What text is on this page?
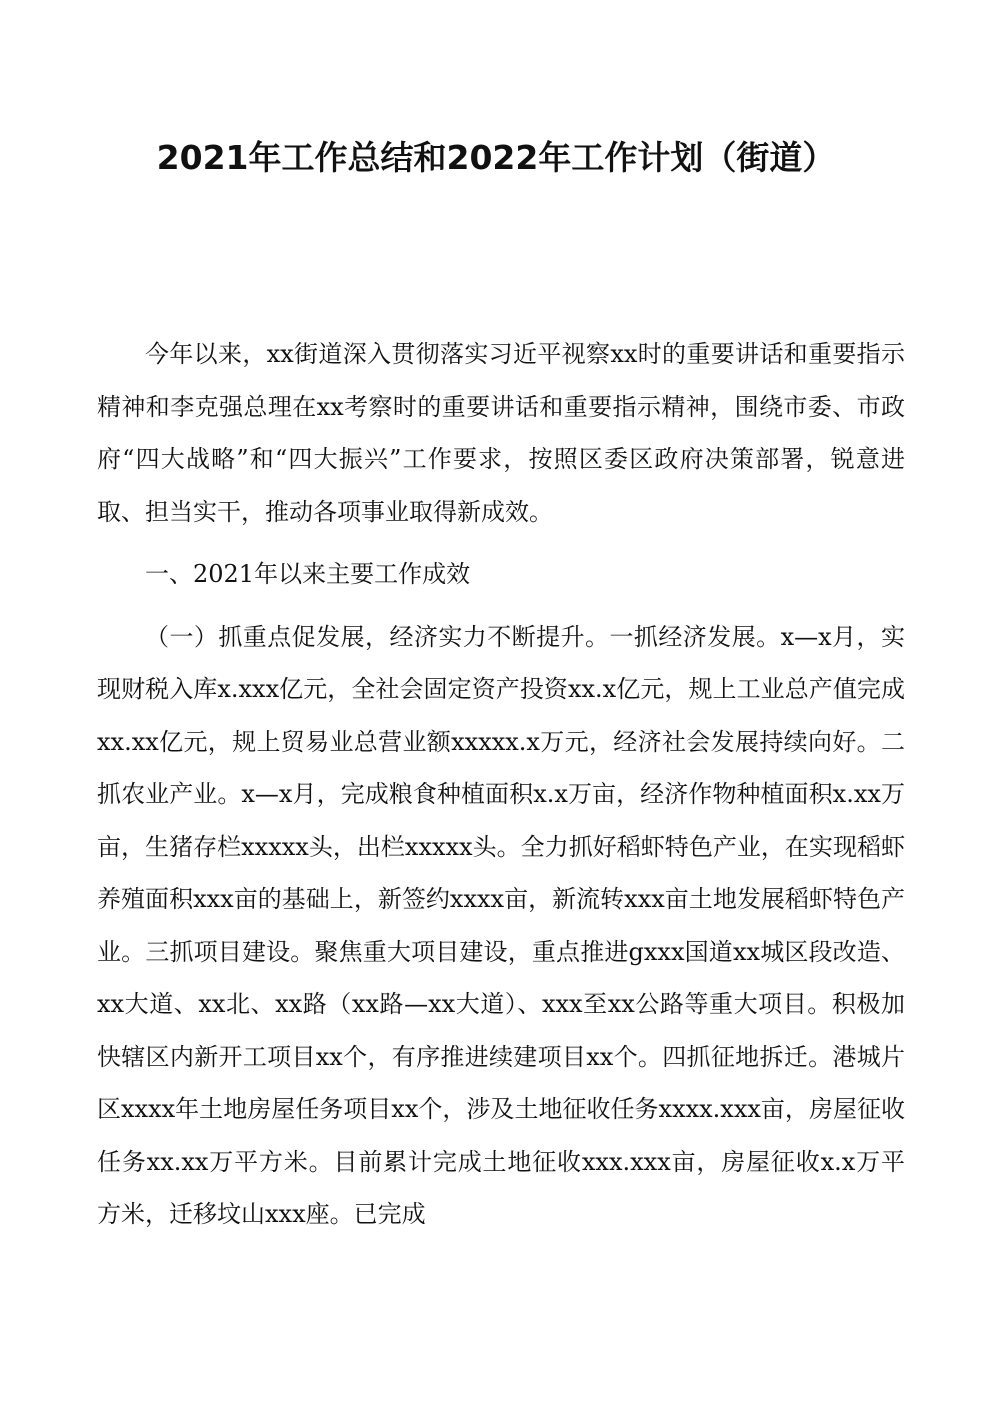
2021年工作总结和2022年工作计划（街道）

今年以来，xx街道深入贯彻落实习近平视察xx时的重要讲话和重要指示精神和李克强总理在xx考察时的重要讲话和重要指示精神，围绕市委、市政府“四大战略”和“四大振兴”工作要求，按照区委区政府决策部署，锐意进取、担当实干，推动各项事业取得新成效。

一、2021年以来主要工作成效

（一）抓重点促发展，经济实力不断提升。一抓经济发展。x—x月，实现财税入库x.xxx亿元，全社会固定资产投资xx.x亿元，规上工业总产值完成xx.xx亿元，规上贸易业总营业额xxxxx.x万元，经济社会发展持续向好。二抓农业产业。x—x月，完成粮食种植面积x.x万亩，经济作物种植面积x.xx万亩，生猪存栏xxxxx头，出栏xxxxx头。全力抓好稻虾特色产业，在实现稻虾养殖面积xxx亩的基础上，新签约xxxx亩，新流转xxx亩土地发展稻虾特色产业。三抓项目建设。聚焦重大项目建设，重点推进gxxx国道xx城区段改造、xx大道、xx北、xx路（xx路—xx大道）、xxx至xx公路等重大项目。积极加快辖区内新开工项目xx个，有序推进续建项目xx个。四抓征地拆迁。港城片区xxxx年土地房屋任务项目xx个，涉及土地征收任务xxxx.xxx亩，房屋征收任务xx.xx万平方米。目前累计完成土地征收xxx.xxx亩，房屋征收x.x万平方米，迁移坟山xxx座。已完成
